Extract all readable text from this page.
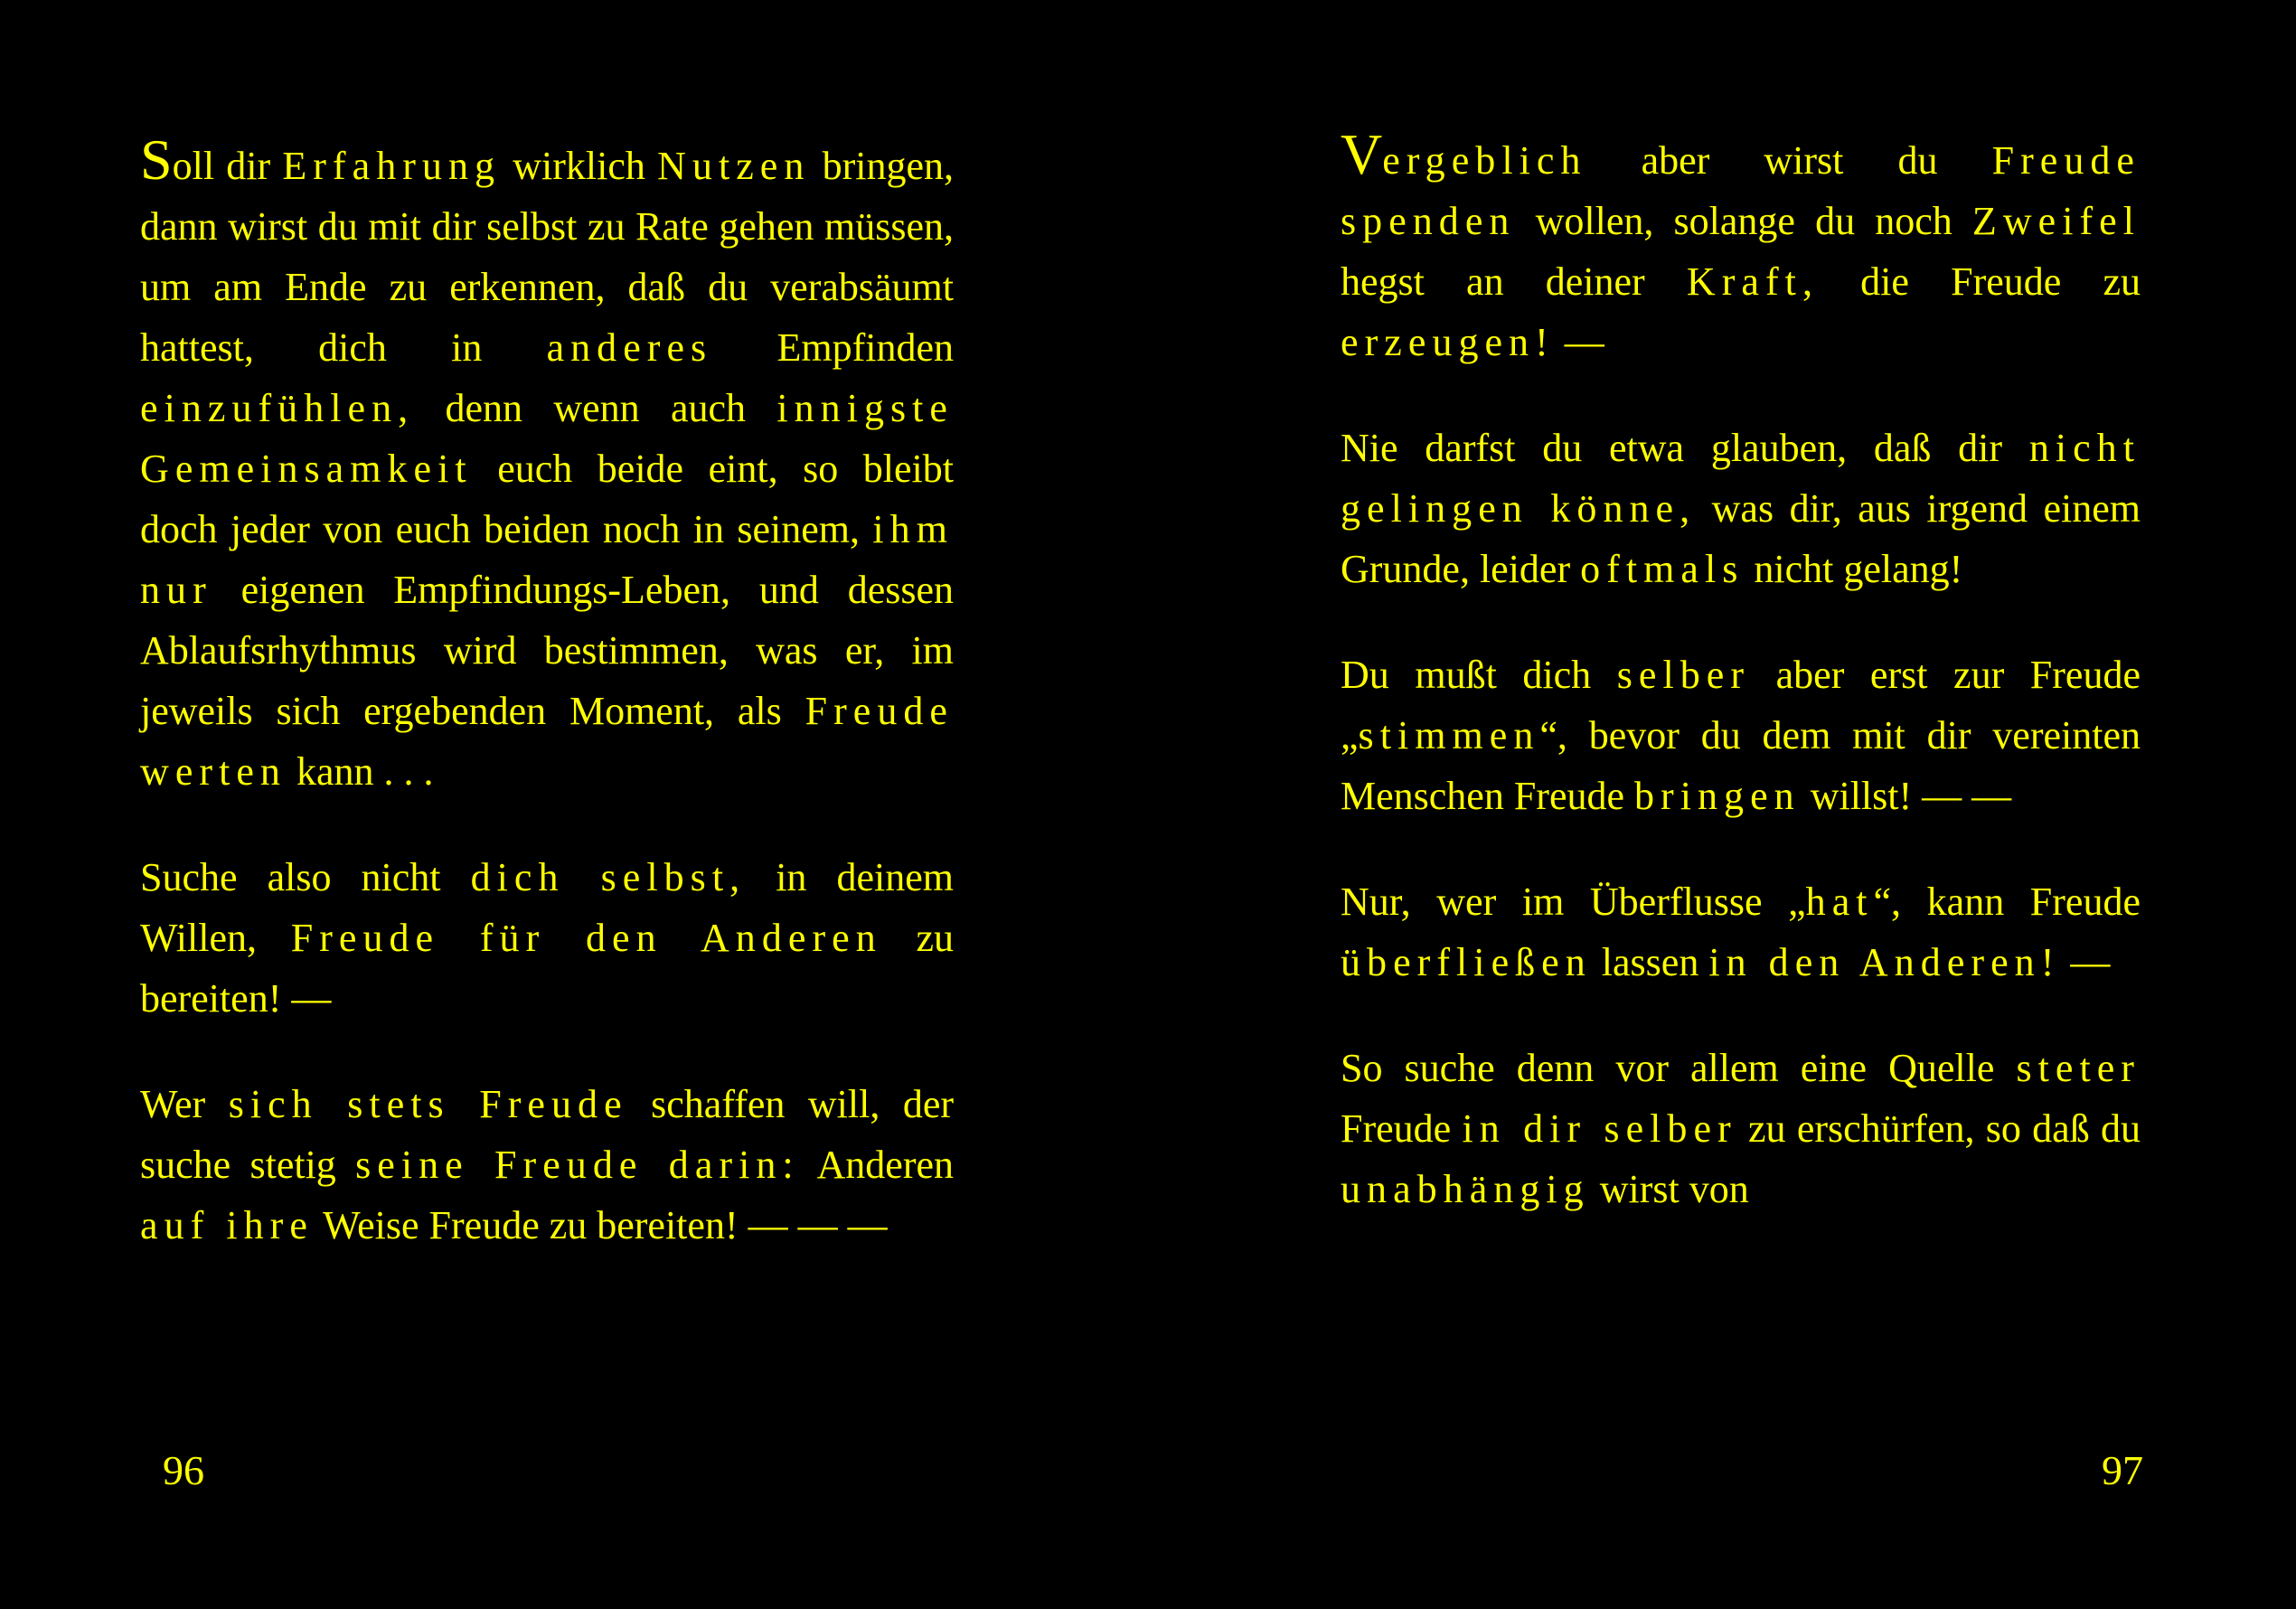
Soll dir Erfahrung wirklich Nutzen bringen, dann wirst du mit dir selbst zu Rate gehen müssen, um am Ende zu erkennen, daß du verabsäumt hattest, dich in anderes Empfinden einzufühlen, denn wenn auch innigste Gemeinsamkeit euch beide eint, so bleibt doch jeder von euch beiden noch in seinem, ihm nur eigenen Empfindungs-Leben, und dessen Ablaufsrhythmus wird bestimmen, was er, im jeweils sich ergebenden Moment, als Freude werten kann . . .

Suche also nicht dich selbst, in deinem Willen, Freude für den Anderen zu bereiten! —

Wer sich stets Freude schaffen will, der suche stetig seine Freude darin: Anderen auf ihre Weise Freude zu bereiten! — — —

96

Vergeblich aber wirst du Freude spenden wollen, solange du noch Zweifel hegst an deiner Kraft, die Freude zu erzeugen! —

Nie darfst du etwa glauben, daß dir nicht gelingen könne, was dir, aus irgend einem Grunde, leider oftmals nicht gelang!

Du mußt dich selber aber erst zur Freude „stimmen“, bevor du dem mit dir vereinten Menschen Freude bringen willst! — —

Nur, wer im Überflusse „hat“, kann Freude überfließen lassen in den Anderen! —

So suche denn vor allem eine Quelle steter Freude in dir selber zu erschürfen, so daß du unabhängig wirst von

97
